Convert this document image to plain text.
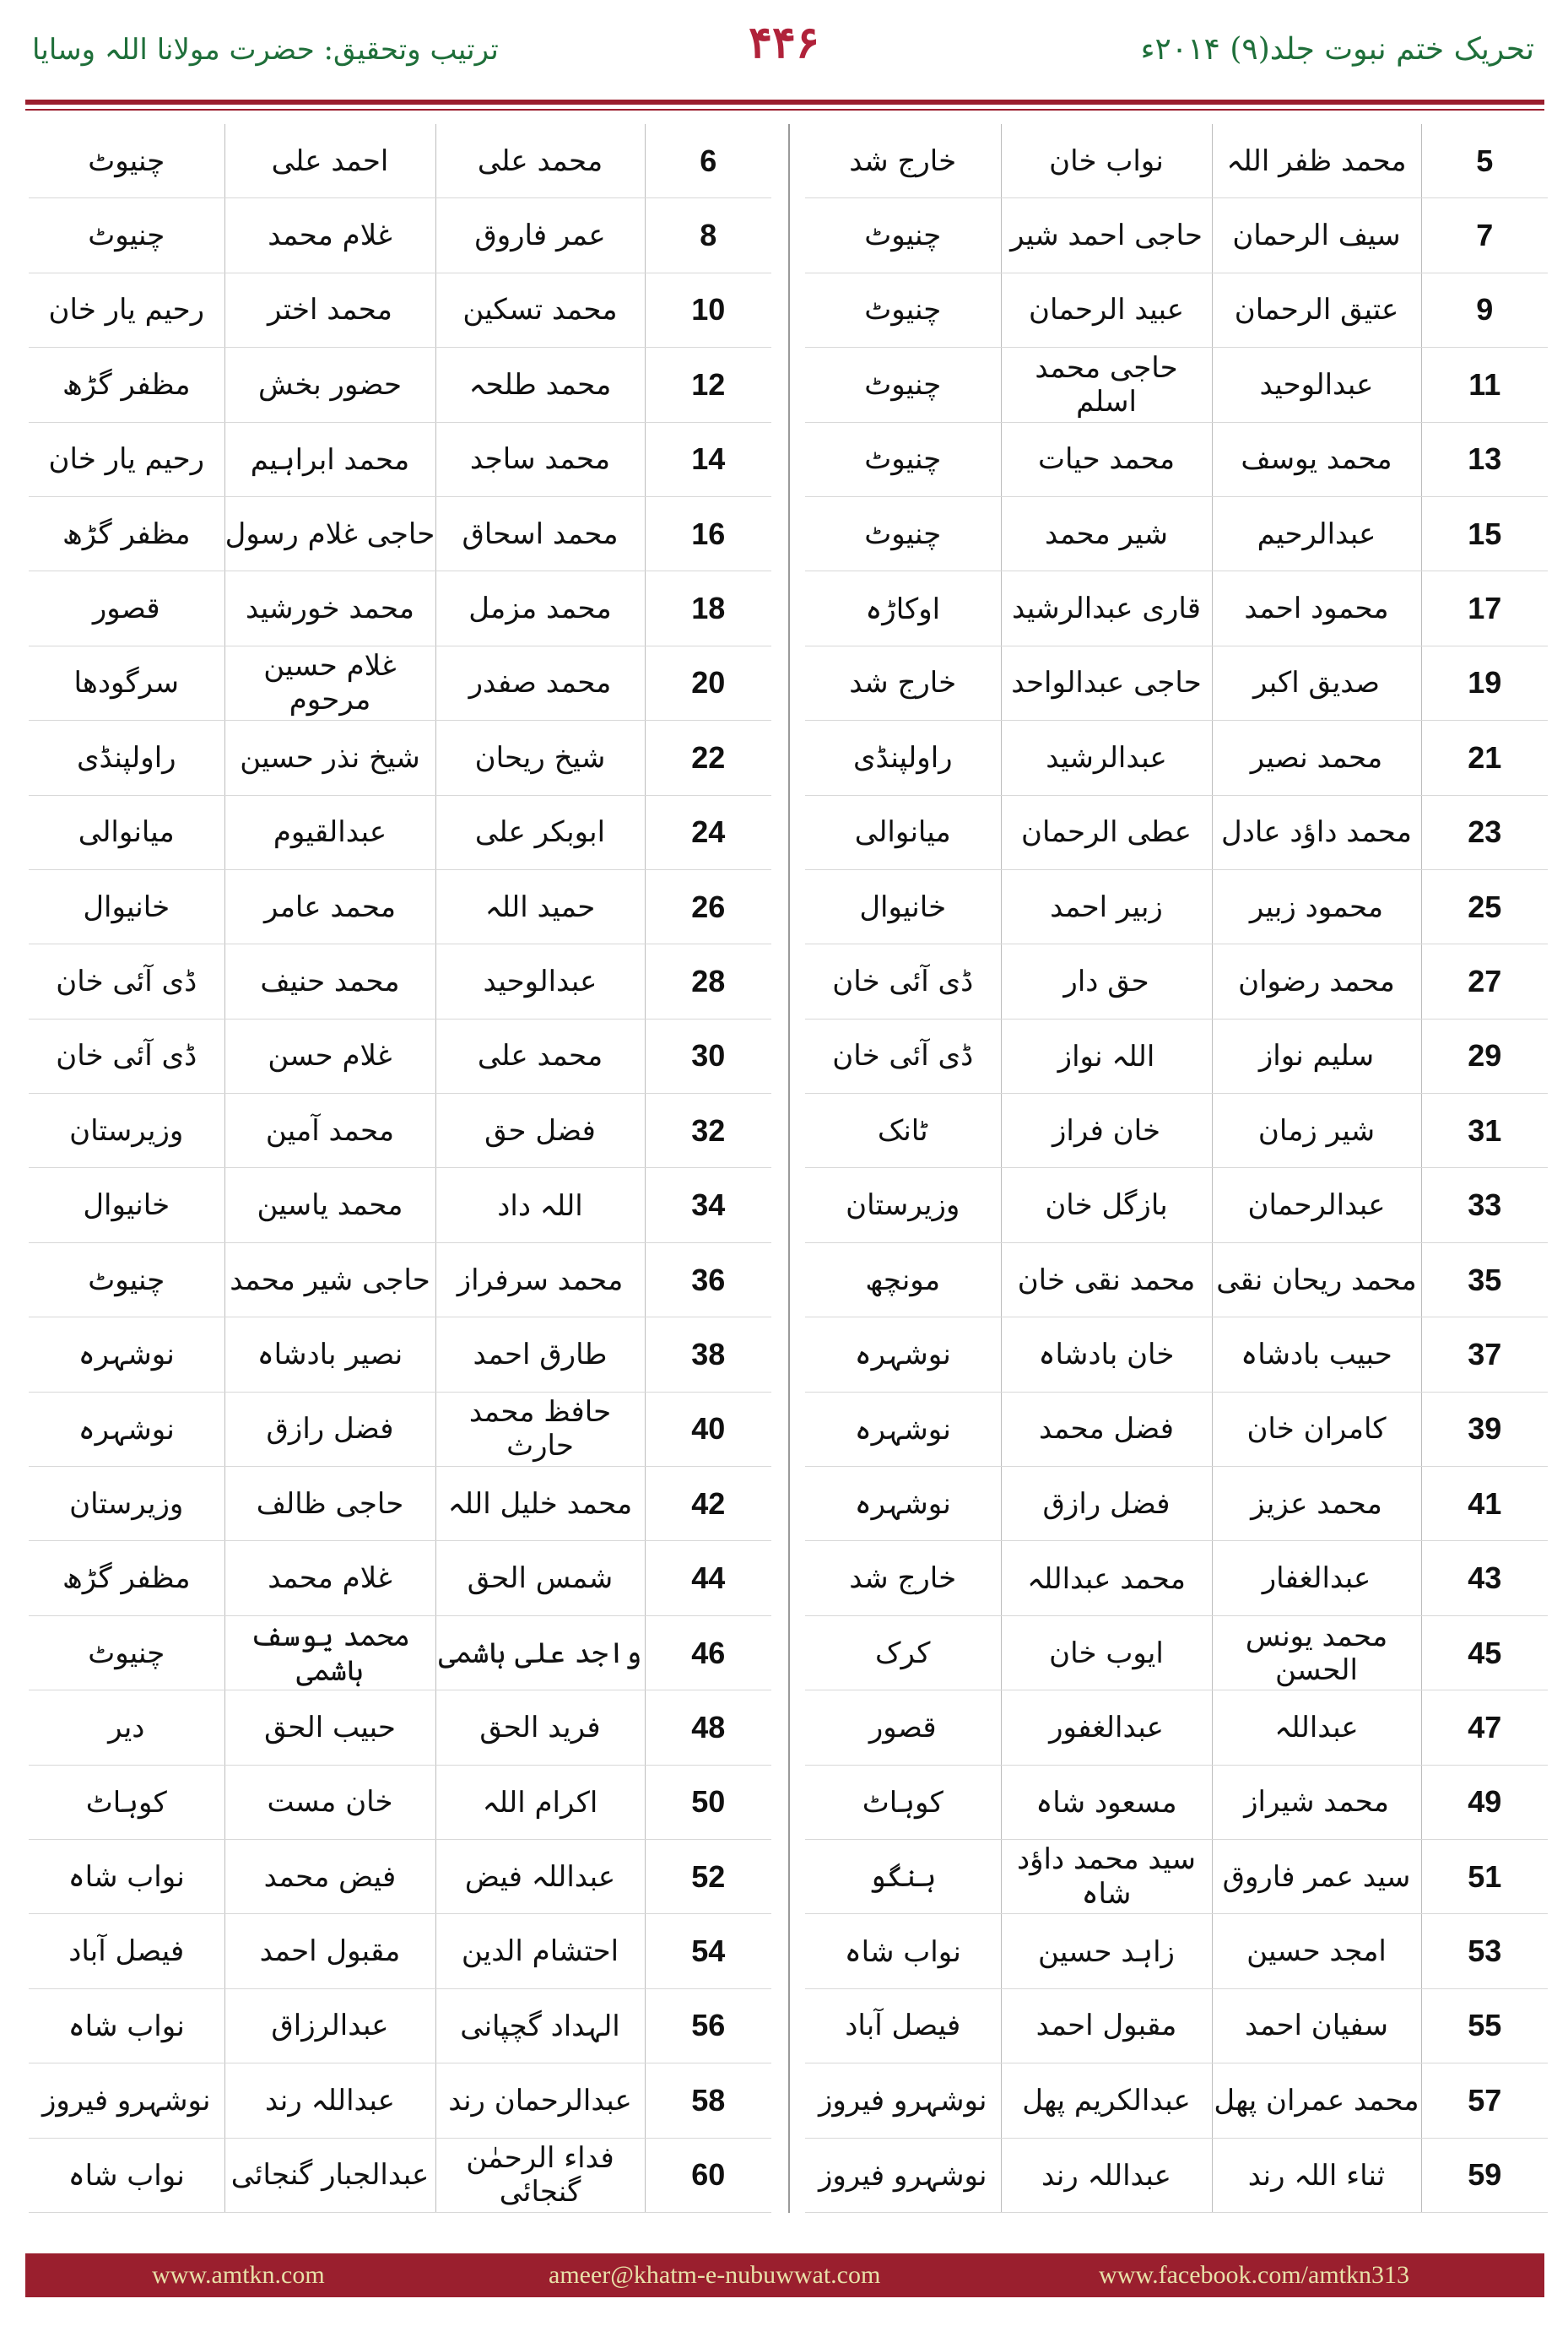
ترتیب وتحقیق: حضرت مولانا اللہ وسایا	۴۴۶	تحریک ختم نبوت جلد(۹) ۲۰۱۴ء
خارج شد	نواب خان	محمد ظفر اللہ	5
چنیوٹ	حاجی احمد شیر	سیف الرحمان	7
چنیوٹ	عبید الرحمان	عتیق الرحمان	9
چنیوٹ	حاجی محمد اسلم	عبدالوحید	11
چنیوٹ	محمد حیات	محمد یوسف	13
چنیوٹ	شیر محمد	عبدالرحیم	15
اوکاڑہ	قاری عبدالرشید	محمود احمد	17
خارج شد	حاجی عبدالواحد	صدیق اکبر	19
راولپنڈی	عبدالرشید	محمد نصیر	21
میانوالی	عطی الرحمان	محمد داؤد عادل	23
خانیوال	زبیر احمد	محمود زبیر	25
ڈی آئی خان	حق دار	محمد رضوان	27
ڈی آئی خان	اللہ نواز	سلیم نواز	29
ٹانک	خان فراز	شیر زمان	31
وزیرستان	بازگل خان	عبدالرحمان	33
مونچھ	محمد نقی خان	محمد ریحان نقی	35
نوشہرہ	خان بادشاہ	حبیب بادشاہ	37
نوشہرہ	فضل محمد	کامران خان	39
نوشہرہ	فضل رازق	محمد عزیز	41
خارج شد	محمد عبداللہ	عبدالغفار	43
کرک	ایوب خان	محمد یونس الحسن	45
قصور	عبدالغفور	عبداللہ	47
کوہاٹ	مسعود شاہ	محمد شیراز	49
ہنگو	سید محمد داؤد شاہ	سید عمر فاروق	51
نواب شاہ	زاہد حسین	امجد حسین	53
فیصل آباد	مقبول احمد	سفیان احمد	55
نوشہرو فیروز	عبدالکریم پھل	محمد عمران پھل	57
نوشہرو فیروز	عبداللہ رند	ثناء اللہ رند	59
چنیوٹ	احمد علی	محمد علی	6
چنیوٹ	غلام محمد	عمر فاروق	8
رحیم یار خان	محمد اختر	محمد تسکین	10
مظفر گڑھ	حضور بخش	محمد طلحہ	12
رحیم یار خان	محمد ابراہیم	محمد ساجد	14
مظفر گڑھ	حاجی غلام رسول	محمد اسحاق	16
قصور	محمد خورشید	محمد مزمل	18
سرگودھا	غلام حسین مرحوم	محمد صفدر	20
راولپنڈی	شیخ نذر حسین	شیخ ریحان	22
میانوالی	عبدالقیوم	ابوبکر علی	24
خانیوال	محمد عامر	حمید اللہ	26
ڈی آئی خان	محمد حنیف	عبدالوحید	28
ڈی آئی خان	غلام حسن	محمد علی	30
وزیرستان	محمد آمین	فضل حق	32
خانیوال	محمد یاسین	اللہ داد	34
چنیوٹ	حاجی شیر محمد	محمد سرفراز	36
نوشہرہ	نصیر بادشاہ	طارق احمد	38
نوشہرہ	فضل رازق	حافظ محمد حارث	40
وزیرستان	حاجی ظالف	محمد خلیل اللہ	42
مظفر گڑھ	غلام محمد	شمس الحق	44
چنیوٹ	محمد یوسف ہاشمی	واجد علی ہاشمی	46
دیر	حبیب الحق	فرید الحق	48
کوہاٹ	خان مست	اکرام اللہ	50
نواب شاہ	فیض محمد	عبداللہ فیض	52
فیصل آباد	مقبول احمد	احتشام الدین	54
نواب شاہ	عبدالرزاق	الہداد گچپانی	56
نوشہرو فیروز	عبداللہ رند	عبدالرحمان رند	58
نواب شاہ	عبدالجبار گنجائی	فداء الرحمٰن گنجائی	60
www.amtkn.com	ameer@khatm-e-nubuwwat.com	www.facebook.com/amtkn313
